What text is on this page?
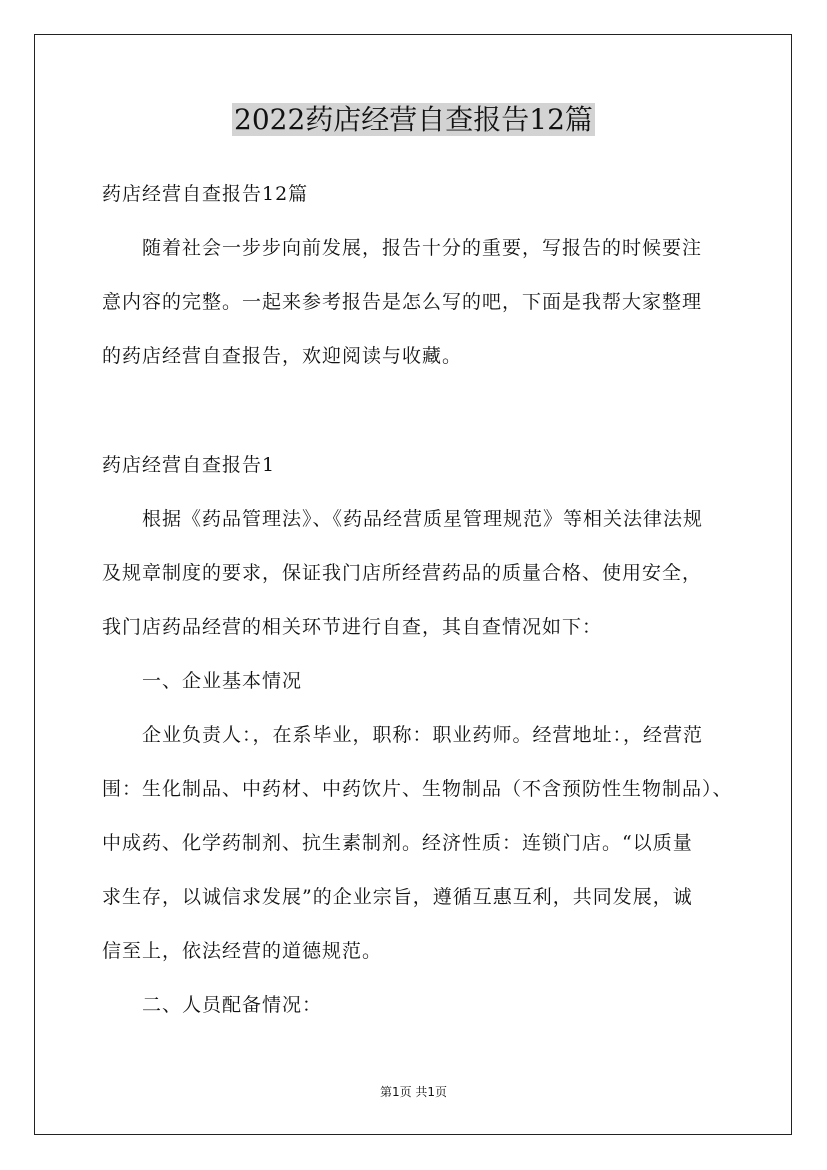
2022药店经营自查报告12篇
药店经营自查报告12篇
随着社会一步步向前发展，报告十分的重要，写报告的时候要注
意内容的完整。一起来参考报告是怎么写的吧，下面是我帮大家整理
的药店经营自查报告，欢迎阅读与收藏。
药店经营自查报告1
根据《药品管理法》、《药品经营质星管理规范》等相关法律法规
及规章制度的要求，保证我门店所经营药品的质量合格、使用安全，
我门店药品经营的相关环节进行自查，其自查情况如下：
一、企业基本情况
企业负责人：，在系毕业，职称：职业药师。经营地址：，经营范
围：生化制品、中药材、中药饮片、生物制品（不含预防性生物制品）、
中成药、化学药制剂、抗生素制剂。经济性质：连锁门店。“以质量
求生存，以诚信求发展”的企业宗旨，遵循互惠互利，共同发展，诚
信至上，依法经营的道德规范。
二、人员配备情况：
第1页 共1页
